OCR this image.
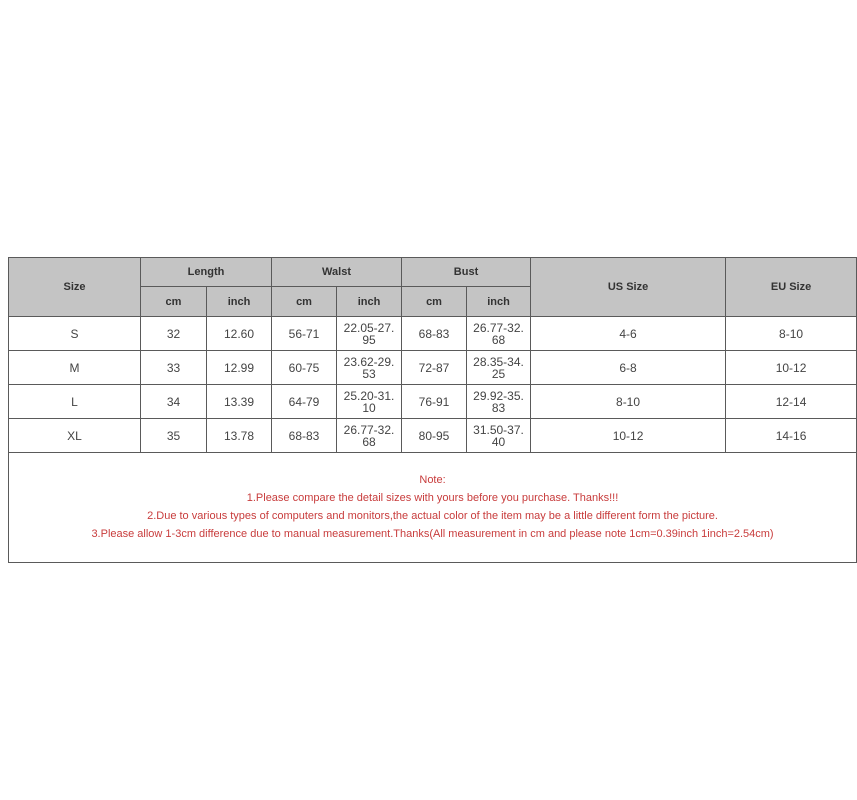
Size	Length		Walst		Bust		US Size	EU Size
	cm	inch	cm	inch	cm	inch		
S	32	12.60	56-71	22.05-27.95	68-83	26.77-32.68	4-6	8-10
M	33	12.99	60-75	23.62-29.53	72-87	28.35-34.25	6-8	10-12
L	34	13.39	64-79	25.20-31.10	76-91	29.92-35.83	8-10	12-14
XL	35	13.78	68-83	26.77-32.68	80-95	31.50-37.40	10-12	14-16

Note:
1.Please compare the detail sizes with yours before you purchase. Thanks!!!
2.Due to various types of computers and monitors,the actual color of the item may be a little different form the picture.
3.Please allow 1-3cm difference due to manual measurement.Thanks(All measurement in cm and please note 1cm=0.39inch 1inch=2.54cm)								
